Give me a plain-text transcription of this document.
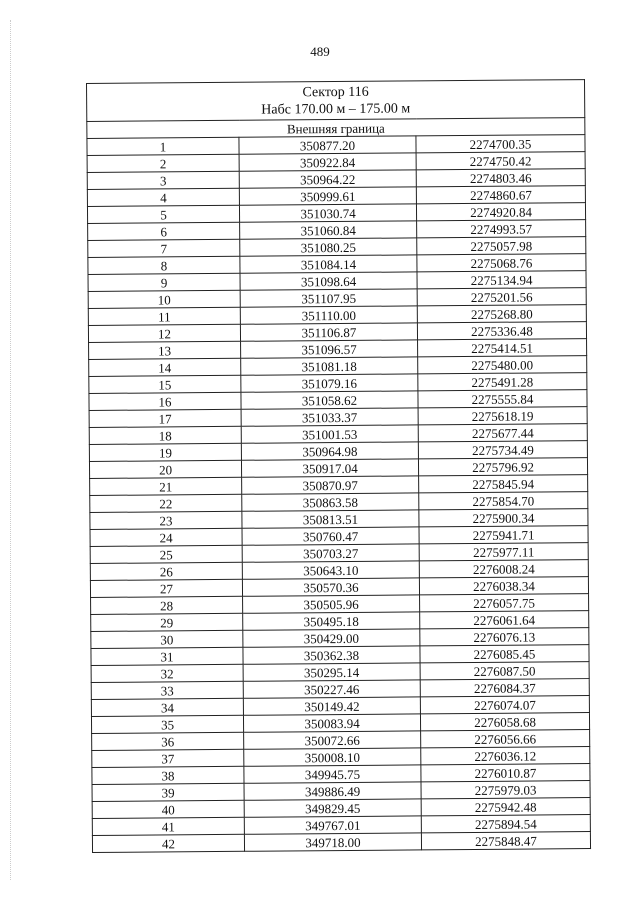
489
Сектор 116
Набс 170.00 м – 175.00 м		

Внешняя граница		
1	350877.20	2274700.35
2	350922.84	2274750.42
3	350964.22	2274803.46
4	350999.61	2274860.67
5	351030.74	2274920.84
6	351060.84	2274993.57
7	351080.25	2275057.98
8	351084.14	2275068.76
9	351098.64	2275134.94
10	351107.95	2275201.56
11	351110.00	2275268.80
12	351106.87	2275336.48
13	351096.57	2275414.51
14	351081.18	2275480.00
15	351079.16	2275491.28
16	351058.62	2275555.84
17	351033.37	2275618.19
18	351001.53	2275677.44
19	350964.98	2275734.49
20	350917.04	2275796.92
21	350870.97	2275845.94
22	350863.58	2275854.70
23	350813.51	2275900.34
24	350760.47	2275941.71
25	350703.27	2275977.11
26	350643.10	2276008.24
27	350570.36	2276038.34
28	350505.96	2276057.75
29	350495.18	2276061.64
30	350429.00	2276076.13
31	350362.38	2276085.45
32	350295.14	2276087.50
33	350227.46	2276084.37
34	350149.42	2276074.07
35	350083.94	2276058.68
36	350072.66	2276056.66
37	350008.10	2276036.12
38	349945.75	2276010.87
39	349886.49	2275979.03
40	349829.45	2275942.48
41	349767.01	2275894.54
42	349718.00	2275848.47
